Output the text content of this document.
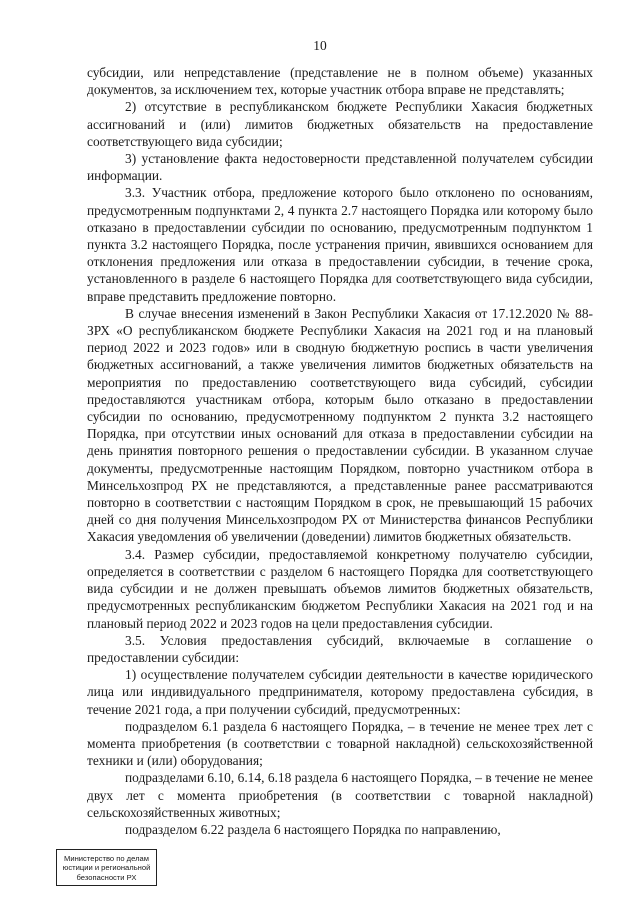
10

субсидии, или непредставление (представление не в полном объеме) указанных документов, за исключением тех, которые участник отбора вправе не представлять;

2) отсутствие в республиканском бюджете Республики Хакасия бюджетных ассигнований и (или) лимитов бюджетных обязательств на предоставление соответствующего вида субсидии;

3) установление факта недостоверности представленной получателем субсидии информации.

3.3. Участник отбора, предложение которого было отклонено по основаниям, предусмотренным подпунктами 2, 4 пункта 2.7 настоящего Порядка или которому было отказано в предоставлении субсидии по основанию, предусмотренным подпунктом 1 пункта 3.2 настоящего Порядка, после устранения причин, явившихся основанием для отклонения предложения или отказа в предоставлении субсидии, в течение срока, установленного в разделе 6 настоящего Порядка для соответствующего вида субсидии, вправе представить предложение повторно.

В случае внесения изменений в Закон Республики Хакасия от 17.12.2020 № 88-ЗРХ «О республиканском бюджете Республики Хакасия на 2021 год и на плановый период 2022 и 2023 годов» или в сводную бюджетную роспись в части увеличения бюджетных ассигнований, а также увеличения лимитов бюджетных обязательств на мероприятия по предоставлению соответствующего вида субсидий, субсидии предоставляются участникам отбора, которым было отказано в предоставлении субсидии по основанию, предусмотренному подпунктом 2 пункта 3.2 настоящего Порядка, при отсутствии иных оснований для отказа в предоставлении субсидии на день принятия повторного решения о предоставлении субсидии. В указанном случае документы, предусмотренные настоящим Порядком, повторно участником отбора в Минсельхозпрод РХ не представляются, а представленные ранее рассматриваются повторно в соответствии с настоящим Порядком в срок, не превышающий 15 рабочих дней со дня получения Минсельхозпродом РХ от Министерства финансов Республики Хакасия уведомления об увеличении (доведении) лимитов бюджетных обязательств.

3.4. Размер субсидии, предоставляемой конкретному получателю субсидии, определяется в соответствии с разделом 6 настоящего Порядка для соответствующего вида субсидии и не должен превышать объемов лимитов бюджетных обязательств, предусмотренных республиканским бюджетом Республики Хакасия на 2021 год и на плановый период 2022 и 2023 годов на цели предоставления субсидии.

3.5. Условия предоставления субсидий, включаемые в соглашение о предоставлении субсидии:

1) осуществление получателем субсидии деятельности в качестве юридического лица или индивидуального предпринимателя, которому предоставлена субсидия, в течение 2021 года, а при получении субсидий, предусмотренных:

подразделом 6.1 раздела 6 настоящего Порядка, – в течение не менее трех лет с момента приобретения (в соответствии с товарной накладной) сельскохозяйственной техники и (или) оборудования;

подразделами 6.10, 6.14, 6.18 раздела 6 настоящего Порядка, – в течение не менее двух лет с момента приобретения (в соответствии с товарной накладной) сельскохозяйственных животных;

подразделом 6.22 раздела 6 настоящего Порядка по направлению,

Министерство по делам
юстиции и региональной
безопасности РХ
